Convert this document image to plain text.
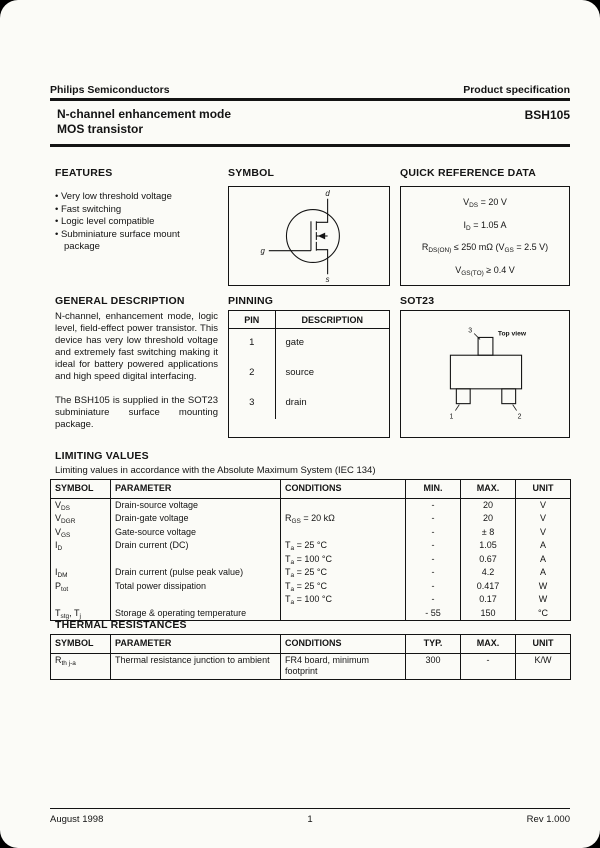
Philips Semiconductors	Product specification
N-channel enhancement mode
MOS transistor
BSH105
FEATURES	SYMBOL	QUICK REFERENCE DATA
• Very low threshold voltage
• Fast switching
• Logic level compatible
• Subminiature surface mount package
d
g
s
$V_{DS} = 20$ V
$I_D = 1.05$ A
$R_{DS(ON)} \le 250$ mΩ ($V_{GS} = 2.5$ V)
$V_{GS(TO)} \ge 0.4$ V
GENERAL DESCRIPTION	PINNING	SOT23
N-channel, enhancement mode, logic level, field-effect power transistor. This device has very low threshold voltage and extremely fast switching making it ideal for battery powered applications and high speed digital interfacing.
The BSH105 is supplied in the SOT23 subminiature surface mounting package.
PIN	DESCRIPTION
1	gate
2	source
3	drain
3	Top view
1	2
LIMITING VALUES
Limiting values in accordance with the Absolute Maximum System (IEC 134)
SYMBOL	PARAMETER	CONDITIONS	MIN.	MAX.	UNIT
$V_{DS}$	Drain-source voltage		-	20	V
$V_{DGR}$	Drain-gate voltage	$R_{GS} = 20$ kΩ	-	20	V
$V_{GS}$	Gate-source voltage		-	± 8	V
$I_D$	Drain current (DC)	$T_a = 25$ °C	-	1.05	A
		$T_a = 100$ °C	-	0.67	A
$I_{DM}$	Drain current (pulse peak value)	$T_a = 25$ °C	-	4.2	A
$P_{tot}$	Total power dissipation	$T_a = 25$ °C	-	0.417	W
		$T_a = 100$ °C	-	0.17	W
$T_{stg}$, $T_j$	Storage & operating temperature		- 55	150	°C
THERMAL RESISTANCES
SYMBOL	PARAMETER	CONDITIONS	TYP.	MAX.	UNIT
$R_{th j-a}$	Thermal resistance junction to ambient	FR4 board, minimum footprint	300	-	K/W
August 1998	1	Rev 1.000
